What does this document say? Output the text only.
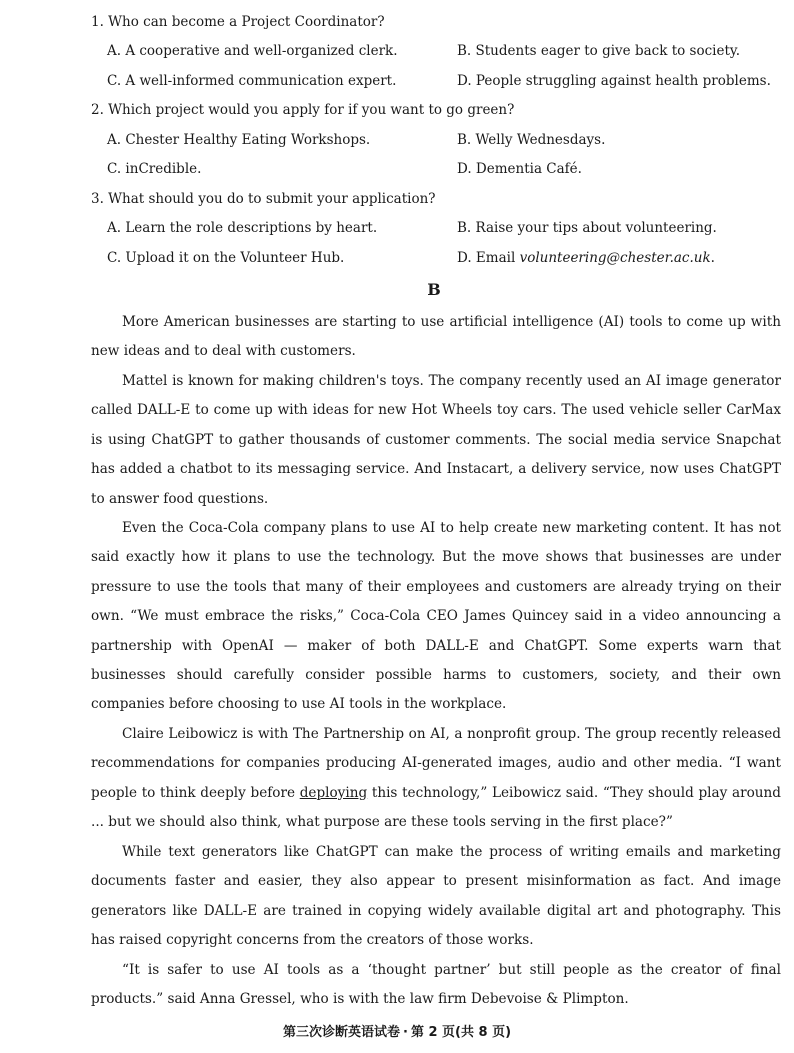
1. Who can become a Project Coordinator?
A. A cooperative and well-organized clerk.	B. Students eager to give back to society.
C. A well-informed communication expert.	D. People struggling against health problems.
2. Which project would you apply for if you want to go green?
A. Chester Healthy Eating Workshops.	B. Welly Wednesdays.
C. inCredible.	D. Dementia Café.
3. What should you do to submit your application?
A. Learn the role descriptions by heart.	B. Raise your tips about volunteering.
C. Upload it on the Volunteer Hub.	D. Email volunteering@chester.ac.uk.
B

More American businesses are starting to use artificial intelligence (AI) tools to come up with new ideas and to deal with customers.

Mattel is known for making children's toys. The company recently used an AI image generator called DALL-E to come up with ideas for new Hot Wheels toy cars. The used vehicle seller CarMax is using ChatGPT to gather thousands of customer comments. The social media service Snapchat has added a chatbot to its messaging service. And Instacart, a delivery service, now uses ChatGPT to answer food questions.

Even the Coca-Cola company plans to use AI to help create new marketing content. It has not said exactly how it plans to use the technology. But the move shows that businesses are under pressure to use the tools that many of their employees and customers are already trying on their own. “We must embrace the risks,” Coca-Cola CEO James Quincey said in a video announcing a partnership with OpenAI — maker of both DALL-E and ChatGPT. Some experts warn that businesses should carefully consider possible harms to customers, society, and their own companies before choosing to use AI tools in the workplace.

Claire Leibowicz is with The Partnership on AI, a nonprofit group. The group recently released recommendations for companies producing AI-generated images, audio and other media. “I want people to think deeply before deploying this technology,” Leibowicz said. “They should play around ... but we should also think, what purpose are these tools serving in the first place?”

While text generators like ChatGPT can make the process of writing emails and marketing documents faster and easier, they also appear to present misinformation as fact. And image generators like DALL-E are trained in copying widely available digital art and photography. This has raised copyright concerns from the creators of those works.

“It is safer to use AI tools as a ‘thought partner’ but still people as the creator of final products.” said Anna Gressel, who is with the law firm Debevoise & Plimpton.

第三次诊断英语试卷 · 第 2 页(共 8 页)
